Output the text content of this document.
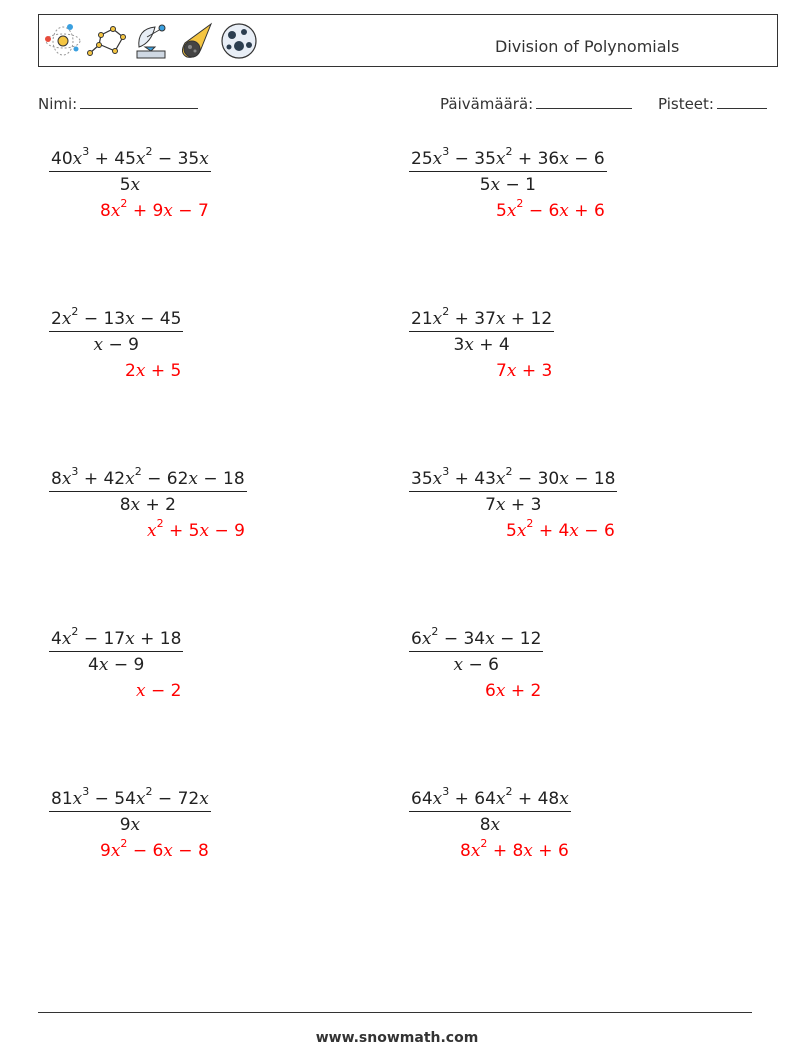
Division of Polynomials
Nimi:	Päivämäärä:	Pisteet:
$\frac{40x^3 + 45x^2 - 35x}{5x}$
$8x^2 + 9x - 7$
$\frac{25x^3 - 35x^2 + 36x - 6}{5x - 1}$
$5x^2 - 6x + 6$
$\frac{2x^2 - 13x - 45}{x - 9}$
2x + 5
$\frac{21x^2 + 37x + 12}{3x + 4}$
7x + 3
$\frac{8x^3 + 42x^2 - 62x - 18}{8x + 2}$
$x^2 + 5x - 9$
$\frac{35x^3 + 43x^2 - 30x - 18}{7x + 3}$
$5x^2 + 4x - 6$
$\frac{4x^2 - 17x + 18}{4x - 9}$
x − 2
$\frac{6x^2 - 34x - 12}{x - 6}$
6x + 2
$\frac{81x^3 - 54x^2 - 72x}{9x}$
$9x^2 - 6x - 8$
$\frac{64x^3 + 64x^2 + 48x}{8x}$
$8x^2 + 8x + 6$
www.snowmath.com
